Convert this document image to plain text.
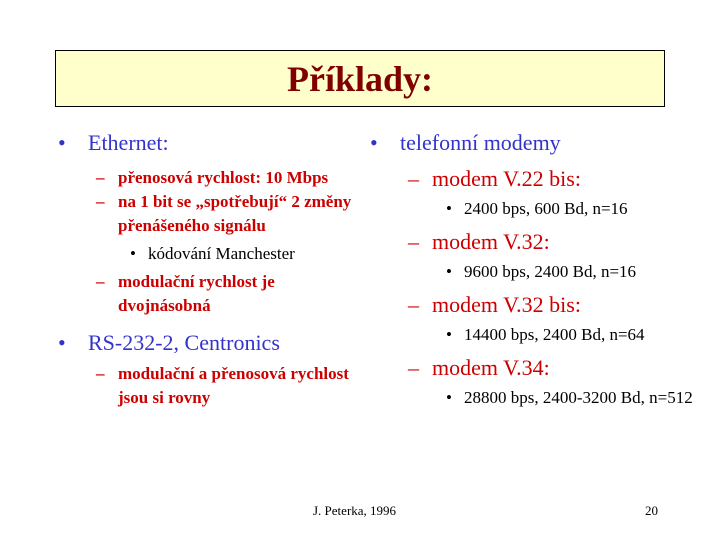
Příklady:
•	Ethernet:
– přenosová rychlost: 10 Mbps
– na 1 bit se „spotřebují“ 2 změny přenášeného signálu
• kódování Manchester
– modulační rychlost je dvojnásobná
•	RS-232-2, Centronics
– modulační a přenosová rychlost jsou si rovny
•	telefonní modemy
– modem V.22 bis:
• 2400 bps, 600 Bd, n=16
– modem V.32:
• 9600 bps, 2400 Bd, n=16
– modem V.32 bis:
• 14400 bps, 2400 Bd, n=64
– modem V.34:
• 28800 bps, 2400-3200 Bd, n=512
J. Peterka, 1996	20
